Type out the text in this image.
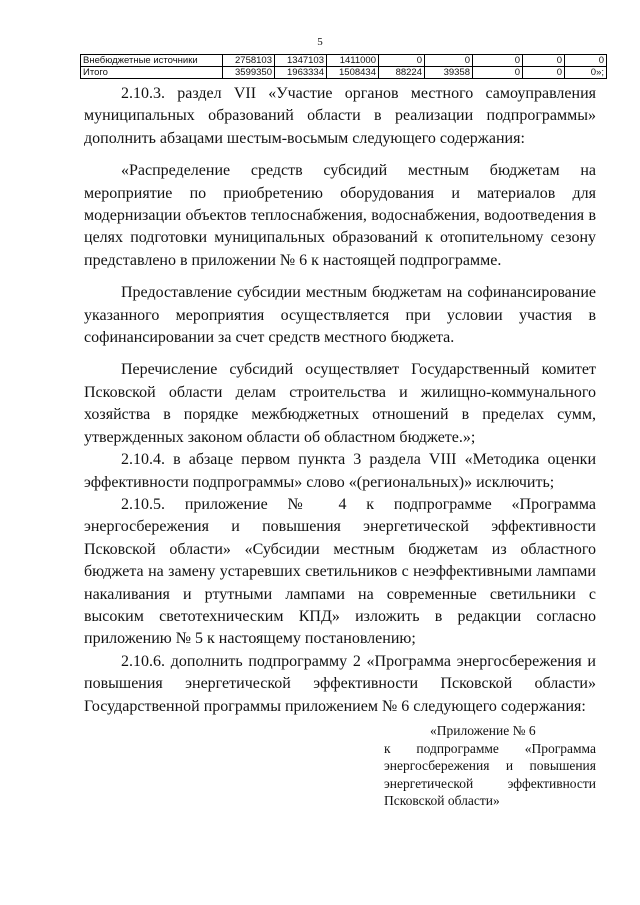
5
Внебюджетные источники	2758103	1347103	1411000	0	0	0	0	0
Итого	3599350	1963334	1508434	88224	39358	0	0	0»;

2.10.3. раздел VII «Участие органов местного самоуправления муниципальных образований области в реализации подпрограммы» дополнить абзацами шестым-восьмым следующего содержания:

«Распределение средств субсидий местным бюджетам на мероприятие по приобретению оборудования и материалов для модернизации объектов теплоснабжения, водоснабжения, водоотведения в целях подготовки муниципальных образований к отопительному сезону представлено в приложении № 6 к настоящей подпрограмме.

Предоставление субсидии местным бюджетам на софинансирование указанного мероприятия осуществляется при условии участия в софинансировании за счет средств местного бюджета.

Перечисление субсидий осуществляет Государственный комитет Псковской области делам строительства и жилищно-коммунального хозяйства в порядке межбюджетных отношений в пределах сумм, утвержденных законом области об областном бюджете.»;

2.10.4. в абзаце первом пункта 3 раздела VIII «Методика оценки эффективности подпрограммы» слово «(региональных)» исключить;

2.10.5. приложение № 4 к подпрограмме «Программа энергосбережения и повышения энергетической эффективности Псковской области» «Субсидии местным бюджетам из областного бюджета на замену устаревших светильников с неэффективными лампами накаливания и ртутными лампами на современные светильники с высоким светотехническим КПД» изложить в редакции согласно приложению № 5 к настоящему постановлению;

2.10.6. дополнить подпрограмму 2 «Программа энергосбережения и повышения энергетической эффективности Псковской области» Государственной программы приложением № 6 следующего содержания:

«Приложение № 6
к подпрограмме «Программа энергосбережения и повышения энергетической эффективности Псковской области»
